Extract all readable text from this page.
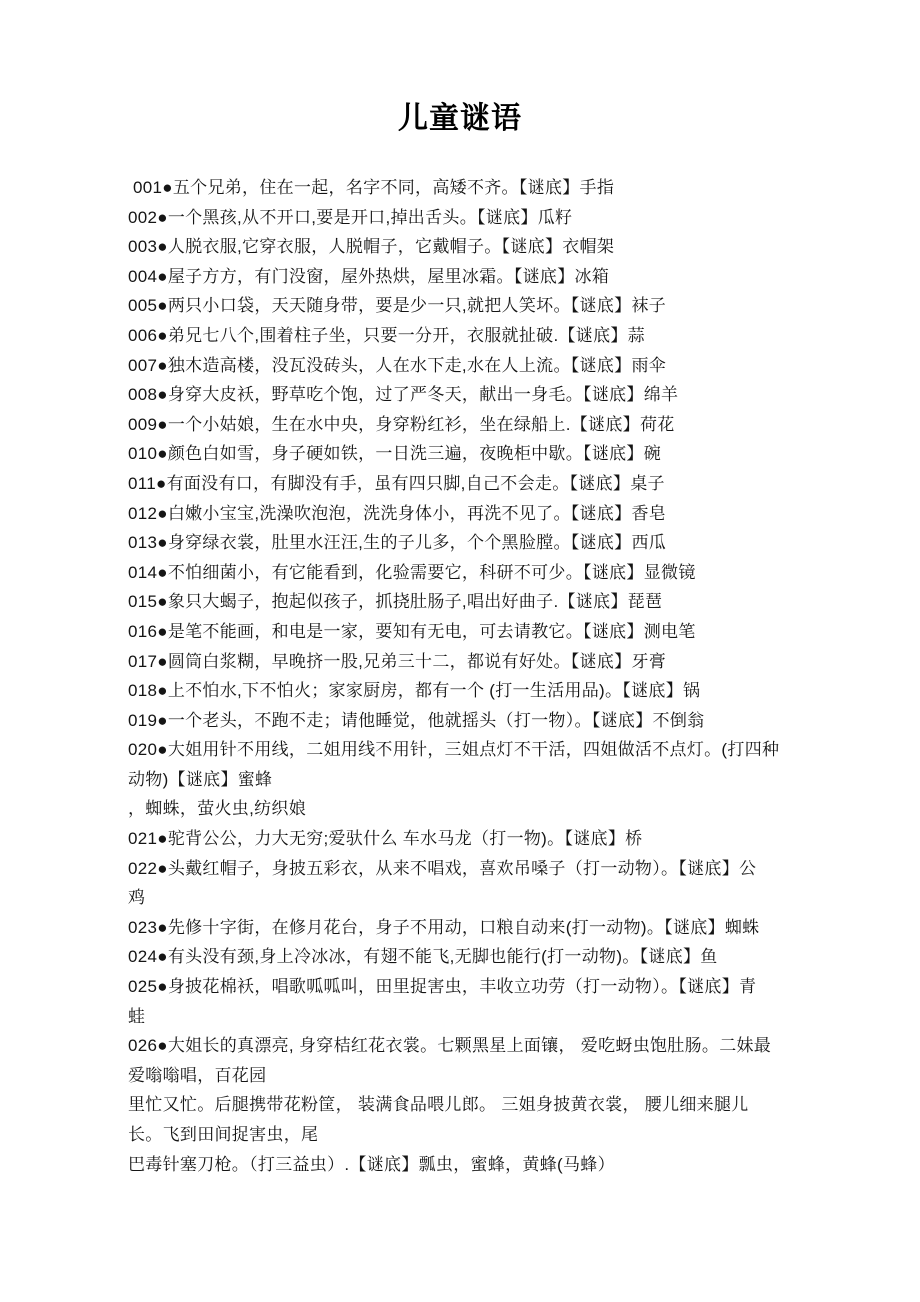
儿童谜语
001●五个兄弟，住在一起，名字不同，高矮不齐。【谜底】手指
002●一个黑孩,从不开口,要是开口,掉出舌头。【谜底】瓜籽
003●人脱衣服,它穿衣服，人脱帽子，它戴帽子。【谜底】衣帽架
004●屋子方方，有门没窗，屋外热烘，屋里冰霜。【谜底】冰箱
005●两只小口袋，天天随身带，要是少一只,就把人笑坏。【谜底】袜子
006●弟兄七八个,围着柱子坐，只要一分开，衣服就扯破.【谜底】蒜
007●独木造高楼，没瓦没砖头，人在水下走,水在人上流。【谜底】雨伞
008●身穿大皮袄，野草吃个饱，过了严冬天，献出一身毛。【谜底】绵羊
009●一个小姑娘，生在水中央，身穿粉红衫，坐在绿船上.【谜底】荷花
010●颜色白如雪，身子硬如铁，一日洗三遍，夜晚柜中歇。【谜底】碗
011●有面没有口，有脚没有手，虽有四只脚,自己不会走。【谜底】桌子
012●白嫩小宝宝,洗澡吹泡泡，洗洗身体小，再洗不见了。【谜底】香皂
013●身穿绿衣裳，肚里水汪汪,生的子儿多，个个黑脸膛。【谜底】西瓜
014●不怕细菌小，有它能看到，化验需要它，科研不可少。【谜底】显微镜
015●象只大蝎子，抱起似孩子，抓挠肚肠子,唱出好曲子.【谜底】琵琶
016●是笔不能画，和电是一家，要知有无电，可去请教它。【谜底】测电笔
017●圆筒白浆糊，早晚挤一股,兄弟三十二，都说有好处。【谜底】牙膏
018●上不怕水,下不怕火；家家厨房，都有一个 (打一生活用品)。【谜底】锅
019●一个老头，不跑不走；请他睡觉，他就摇头（打一物）。【谜底】不倒翁
020●大姐用针不用线，二姐用线不用针，三姐点灯不干活，四姐做活不点灯。(打四种
动物)【谜底】蜜蜂
，蜘蛛，萤火虫,纺织娘
021●驼背公公，力大无穷;爱驮什么 车水马龙（打一物)。【谜底】桥
022●头戴红帽子，身披五彩衣，从来不唱戏，喜欢吊嗓子（打一动物）。【谜底】公
鸡
023●先修十字街，在修月花台，身子不用动，口粮自动来(打一动物)。【谜底】蜘蛛
024●有头没有颈,身上冷冰冰，有翅不能飞,无脚也能行(打一动物)。【谜底】鱼
025●身披花棉袄，唱歌呱呱叫，田里捉害虫，丰收立功劳（打一动物）。【谜底】青
蛙
026●大姐长的真漂亮, 身穿桔红花衣裳。七颗黑星上面镶， 爱吃蚜虫饱肚肠。二妹最
爱嗡嗡唱，百花园
里忙又忙。后腿携带花粉筐， 装满食品喂儿郎。 三姐身披黄衣裳， 腰儿细来腿儿
长。飞到田间捉害虫，尾
巴毒针塞刀枪。（打三益虫）.【谜底】瓢虫，蜜蜂，黄蜂(马蜂）
